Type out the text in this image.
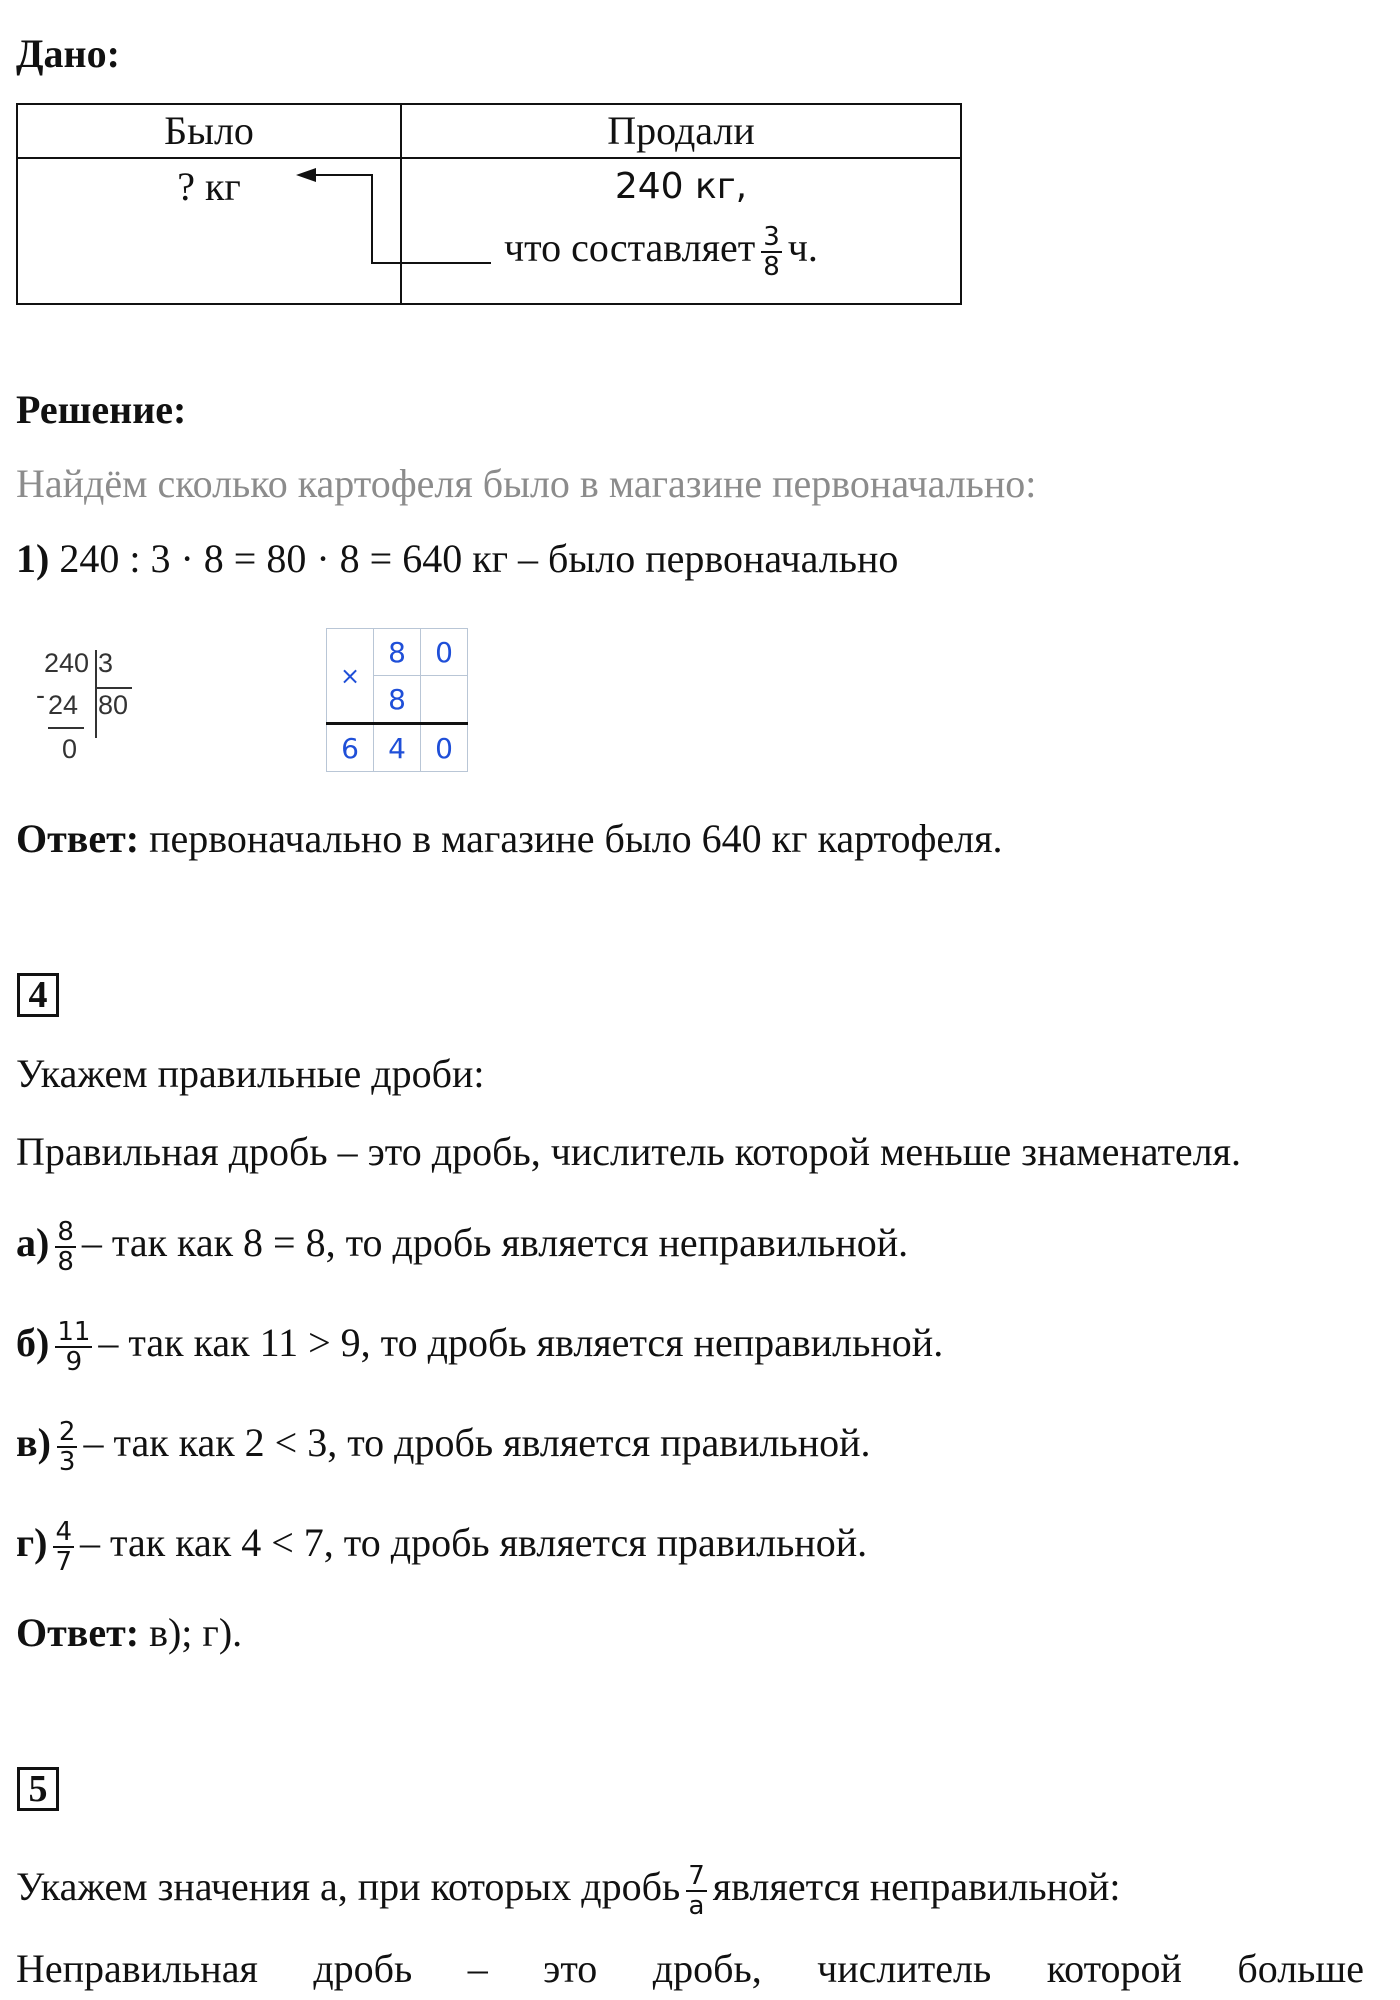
Дано:
Было	Продали
? кг	240 кг,
что составляет $\frac{3}{8} ч$.
Решение:
Найдём сколько картофеля было в магазине первоначально:
1) 240 : 3 · 8 = 80 · 8 = 640 кг – было первоначально
240 3
- 24 80
0
×	8	0
	8	
6	4	0
Ответ: первоначально в магазине было 640 кг картофеля.
4
Укажем правильные дроби:
Правильная дробь – это дробь, числитель которой меньше знаменателя.
$а) \frac{8}{8}$ – так как 8 = 8, то дробь является неправильной.
$б) \frac{11}{9}$ – так как 11 > 9, то дробь является неправильной.
$в) \frac{2}{3}$ – так как 2 < 3, то дробь является правильной.
$г) \frac{4}{7}$ – так как 4 < 7, то дробь является правильной.
Ответ: в); г).
5
Укажем значения а, при которых дробь $\frac{7}{а}$ является неправильной:
Неправильная дробь – это дробь, числитель которой больше
